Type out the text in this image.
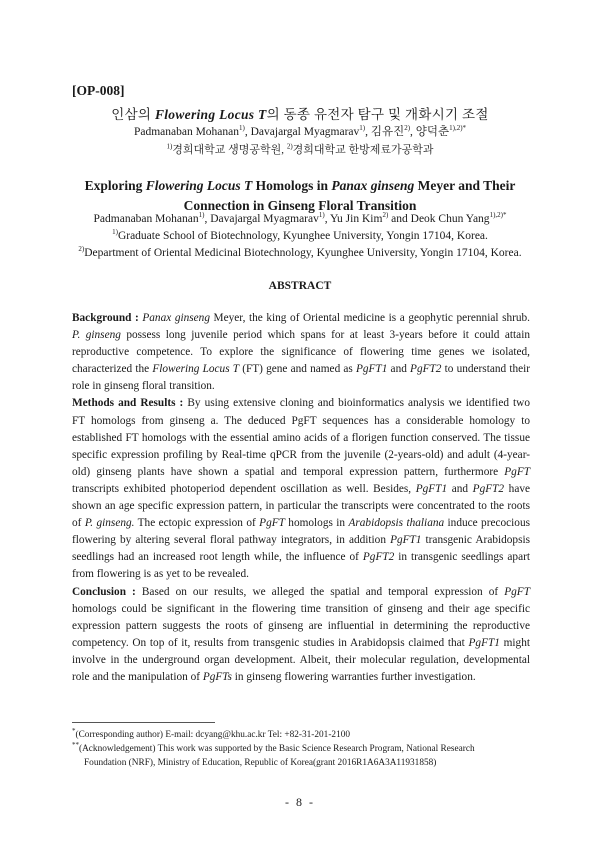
[OP-008]
인삼의 Flowering Locus T의 동종 유전자 탐구 및 개화시기 조절
Padmanaban Mohanan$^{1)}$, Davajargal Myagmarav$^{1)}$, 김유진$^{2)}$, 양덕춘$^{1),2)*}$
$^{1)}$경희대학교 생명공학원, $^{2)}$경희대학교 한방제료가공학과
Exploring Flowering Locus T Homologs in Panax ginseng Meyer and Their Connection in Ginseng Floral Transition
Padmanaban Mohanan$^{1)}$, Davajargal Myagmarav$^{1)}$, Yu Jin Kim$^{2)}$ and Deok Chun Yang$^{1),2)*}$
$^{1)}$Graduate School of Biotechnology, Kyunghee University, Yongin 17104, Korea.
$^{2)}$Department of Oriental Medicinal Biotechnology, Kyunghee University, Yongin 17104, Korea.
ABSTRACT

Background : Panax ginseng Meyer, the king of Oriental medicine is a geophytic perennial shrub. P. ginseng possess long juvenile period which spans for at least 3-years before it could attain reproductive competence. To explore the significance of flowering time genes we isolated, characterized the Flowering Locus T (FT) gene and named as PgFT1 and PgFT2 to understand their role in ginseng floral transition.

Methods and Results : By using extensive cloning and bioinformatics analysis we identified two FT homologs from ginseng a. The deduced PgFT sequences has a considerable homology to established FT homologs with the essential amino acids of a florigen function conserved. The tissue specific expression profiling by Real-time qPCR from the juvenile (2-years-old) and adult (4-year-old) ginseng plants have shown a spatial and temporal expression pattern, furthermore PgFT transcripts exhibited photoperiod dependent oscillation as well. Besides, PgFT1 and PgFT2 have shown an age specific expression pattern, in particular the transcripts were concentrated to the roots of P. ginseng. The ectopic expression of PgFT homologs in Arabidopsis thaliana induce precocious flowering by altering several floral pathway integrators, in addition PgFT1 transgenic Arabidopsis seedlings had an increased root length while, the influence of PgFT2 in transgenic seedlings apart from flowering is as yet to be revealed.

Conclusion : Based on our results, we alleged the spatial and temporal expression of PgFT homologs could be significant in the flowering time transition of ginseng and their age specific expression pattern suggests the roots of ginseng are influential in determining the reproductive competency. On top of it, results from transgenic studies in Arabidopsis claimed that PgFT1 might involve in the underground organ development. Albeit, their molecular regulation, developmental role and the manipulation of PgFTs in ginseng flowering warranties further investigation.

*(Corresponding author) E-mail: dcyang@khu.ac.kr Tel: +82-31-201-2100
**(Acknowledgement) This work was supported by the Basic Science Research Program, National Research
Foundation (NRF), Ministry of Education, Republic of Korea(grant 2016R1A6A3A11931858)
- 8 -
